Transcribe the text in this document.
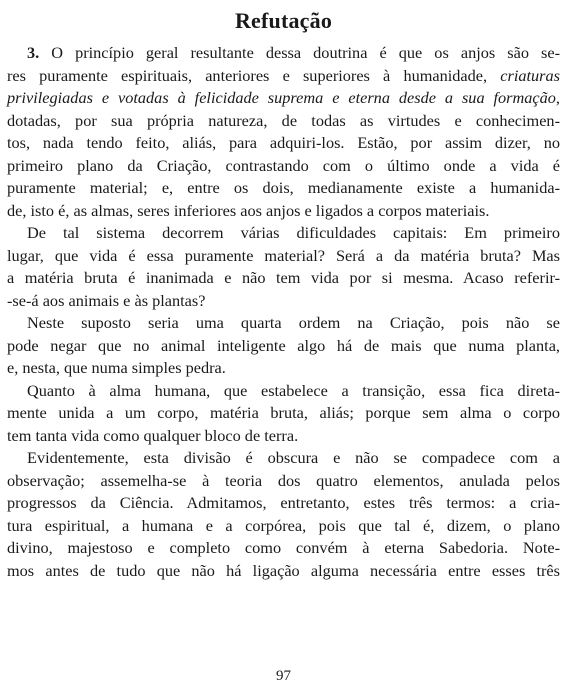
Refutação
3. O princípio geral resultante dessa doutrina é que os anjos são se-
res puramente espirituais, anteriores e superiores à humanidade, criaturas
privilegiadas e votadas à felicidade suprema e eterna desde a sua formação,
dotadas, por sua própria natureza, de todas as virtudes e conhecimen-
tos, nada tendo feito, aliás, para adquiri-los. Estão, por assim dizer, no
primeiro plano da Criação, contrastando com o último onde a vida é
puramente material; e, entre os dois, medianamente existe a humanida-
de, isto é, as almas, seres inferiores aos anjos e ligados a corpos materiais.
De tal sistema decorrem várias dificuldades capitais: Em primeiro
lugar, que vida é essa puramente material? Será a da matéria bruta? Mas
a matéria bruta é inanimada e não tem vida por si mesma. Acaso referir-
-se-á aos animais e às plantas?
Neste suposto seria uma quarta ordem na Criação, pois não se
pode negar que no animal inteligente algo há de mais que numa planta,
e, nesta, que numa simples pedra.
Quanto à alma humana, que estabelece a transição, essa fica direta-
mente unida a um corpo, matéria bruta, aliás; porque sem alma o corpo
tem tanta vida como qualquer bloco de terra.
Evidentemente, esta divisão é obscura e não se compadece com a
observação; assemelha-se à teoria dos quatro elementos, anulada pelos
progressos da Ciência. Admitamos, entretanto, estes três termos: a cria-
tura espiritual, a humana e a corpórea, pois que tal é, dizem, o plano
divino, majestoso e completo como convém à eterna Sabedoria. Note-
mos antes de tudo que não há ligação alguma necessária entre esses três
97
